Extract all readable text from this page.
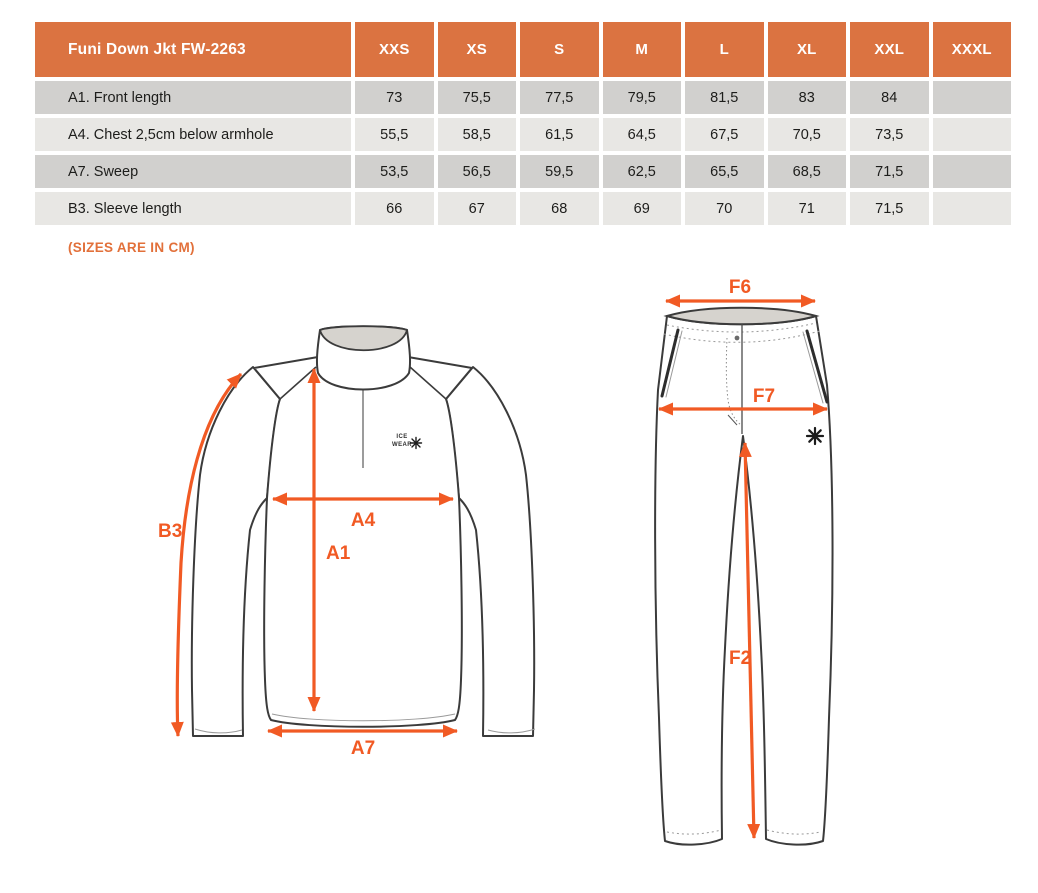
Funi Down Jkt FW-2263	XXS	XS	S	M	L	XL	XXL	XXXL
A1. Front length	73	75,5	77,5	79,5	81,5	83	84
A4. Chest 2,5cm below armhole	55,5	58,5	61,5	64,5	67,5	70,5	73,5
A7. Sweep	53,5	56,5	59,5	62,5	65,5	68,5	71,5
B3. Sleeve length	66	67	68	69	70	71	71,5
(SIZES ARE IN CM)
ICE
WEAR
B3
A4
A1
A7
F6
F7
F2
